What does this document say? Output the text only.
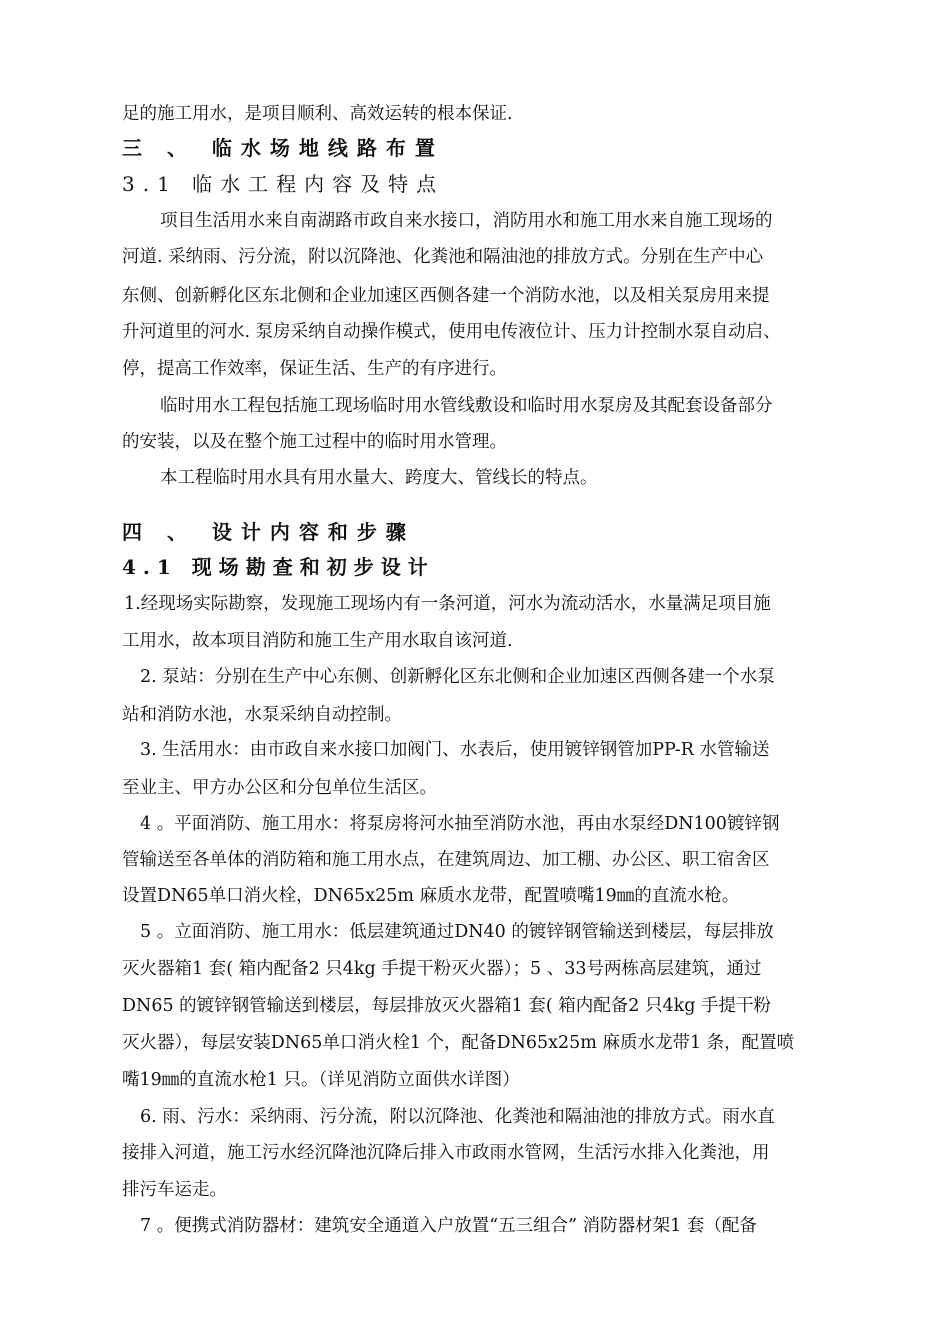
足的施工用水，是项目顺利、高效运转的根本保证.
三 、 临水场地线路布置
3.1 临水工程内容及特点
项目生活用水来自南湖路市政自来水接口，消防用水和施工用水来自施工现场的
河道. 采纳雨、污分流，附以沉降池、化粪池和隔油池的排放方式。分别在生产中心
东侧、创新孵化区东北侧和企业加速区西侧各建一个消防水池，以及相关泵房用来提
升河道里的河水. 泵房采纳自动操作模式，使用电传液位计、压力计控制水泵自动启、
停，提高工作效率，保证生活、生产的有序进行。
临时用水工程包括施工现场临时用水管线敷设和临时用水泵房及其配套设备部分
的安装，以及在整个施工过程中的临时用水管理。
本工程临时用水具有用水量大、跨度大、管线长的特点。
四 、 设计内容和步骤
4.1 现场勘查和初步设计
1.经现场实际勘察，发现施工现场内有一条河道，河水为流动活水，水量满足项目施
工用水，故本项目消防和施工生产用水取自该河道.
2. 泵站：分别在生产中心东侧、创新孵化区东北侧和企业加速区西侧各建一个水泵
站和消防水池，水泵采纳自动控制。
3. 生活用水：由市政自来水接口加阀门、水表后，使用镀锌钢管加PP-R 水管输送
至业主、甲方办公区和分包单位生活区。
4 。平面消防、施工用水：将泵房将河水抽至消防水池，再由水泵经DN100镀锌钢
管输送至各单体的消防箱和施工用水点，在建筑周边、加工棚、办公区、职工宿舍区
设置DN65单口消火栓，DN65x25m 麻质水龙带，配置喷嘴19㎜的直流水枪。
5 。立面消防、施工用水：低层建筑通过DN40 的镀锌钢管输送到楼层，每层排放
灭火器箱1 套( 箱内配备2 只4kg 手提干粉灭火器）；5 、33号两栋高层建筑，通过
DN65 的镀锌钢管输送到楼层，每层排放灭火器箱1 套( 箱内配备2 只4kg 手提干粉
灭火器），每层安装DN65单口消火栓1 个，配备DN65x25m 麻质水龙带1 条，配置喷
嘴19㎜的直流水枪1 只。（详见消防立面供水详图）
6. 雨、污水：采纳雨、污分流，附以沉降池、化粪池和隔油池的排放方式。雨水直
接排入河道，施工污水经沉降池沉降后排入市政雨水管网，生活污水排入化粪池，用
排污车运走。
7 。便携式消防器材：建筑安全通道入户放置“五三组合” 消防器材架1 套（配备
